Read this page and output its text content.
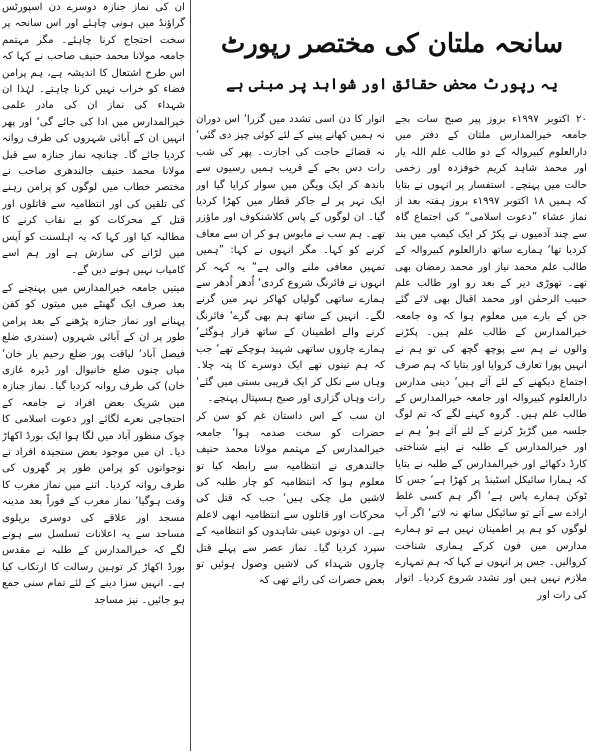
سانحہ ملتان کی مختصر رپورٹ
یہ رپورٹ محض حقائق اور شواہد پر مبنی ہے

۲۰ اکتوبر ۱۹۹۷ء بروز پیر صبح سات بجے جامعہ خیرالمدارس ملتان کے دفتر میں دارالعلوم کبیروالہ کے دو طالب علم اللہ یار اور محمد شاہد کریم خوفزدہ اور زخمی حالت میں پہنچے۔ استفسار پر انہوں نے بتایا کہ ہمیں ۱۸ اکتوبر ۱۹۹۷ء بروز ہفتہ بعد از نماز عشاء ”دعوت اسلامی“ کی اجتماع گاہ سے چند آدمیوں نے پکڑ کر ایک کیمپ میں بند کردیا تھا‘ ہمارے ساتھ دارالعلوم کبیروالہ کے طالب علم محمد نیاز اور محمد رمضان بھی تھے۔ تھوڑی دیر کے بعد رو اور طالب علم حبیب الرحمٰن اور محمد اقبال بھی لائے گئے جن کے بارے میں معلوم ہوا کہ وہ جامعہ خیرالمدارس کے طالب علم ہیں۔ پکڑنے والوں نے ہم سے پوچھ گچھ کی تو ہم نے انہیں پورا تعارف کروایا اور بتایا کہ ہم صرف اجتماع دیکھنے کے لئے آئے ہیں‘ دینی مدارس دارالعلوم کبیروالہ اور جامعہ خیرالمدارس کے طالب علم ہیں۔ گروہ کہنے لگے کہ تم لوگ جلسہ میں گڑبڑ کرنے کے لئے آئے ہو‘ ہم نے اور خیرالمدارس کے طلبہ نے اپنے شناختی کارڈ دکھائے اور خیرالمدارس کے طلبہ نے بتایا کہ ہمارا سائیکل اسٹینڈ پر کھڑا ہے‘ جس کا ٹوکن ہمارے پاس ہے‘ اگر ہم کسی غلط ارادے سے آتے تو سائیکل ساتھ نہ لاتے‘ اگر آپ لوگوں کو ہم پر اطمینان نہیں ہے تو ہمارے مدارس میں فون کرکے ہماری شناخت کروالیں۔ جس پر انہوں نے کہا کہ ہم تمہارے ملازم نہیں ہیں اور تشدد شروع کردیا۔ اتوار کی رات اور

اتوار کا دن اسی تشدد میں گزرا‘ اس دوران نہ ہمیں کھانے پینے کے لئے کوئی چیز دی گئی‘ نہ قضائے حاجت کی اجازت۔ پھر کی شب رات دس بجے کے قریب ہمیں رسیوں سے باندھ کر ایک ویگن میں سوار کرایا گیا اور ایک نہر پر لے جاکر قطار میں کھڑا کردیا گیا۔ ان لوگوں کے پاس کلاشنکوف اور ماؤزر تھے۔ ہم سب نے مایوس ہو کر ان سے معاف کرنے کو کہا۔ مگر انہوں نے کہا: ”ہمیں تمہیں معافی ملنے والی ہے“ یہ کہہ کر انہوں نے فائرنگ شروع کردی‘ اُدھر اُدھر سے ہمارے ساتھی گولیاں کھاکر نہر میں گرنے لگے۔ انہیں کے ساتھ ہم بھی گرے‘ فائرنگ کرنے والے اطمینان کے ساتھ فرار ہوگئے‘ ہمارے چاروں ساتھی شہید ہوچکے تھے‘ جب کہ ہم تینوں تھے ایک دوسرے کا پتہ چلا۔ وہاں سے نکل کر ایک قریبی بستی میں گئے‘ رات وہاں گزاری اور صبح ہسپتال پہنچے۔

ان سب کے اس داستان غم کو سن کر حضرات کو سخت صدمہ ہوا‘ جامعہ خیرالمدارس کے مہتمم مولانا محمد حنیف جالندھری نے انتظامیہ سے رابطہ کیا تو معلوم ہوا کہ انتظامیہ کو چار طلبہ کی لاشیں مل چکی ہیں‘ جب کہ قتل کی محرکات اور قاتلوں سے انتظامیہ ابھی لاعلم ہے۔ ان دونوں عینی شاہدوں کو انتظامیہ کے سپرد کردیا گیا۔ نماز عصر سے پہلے قتل چاروں شہداء کی لاشیں وصول ہوئیں تو بعض حضرات کی رائے تھی کہ

ان کی نماز جنازہ دوسرے دن اسپورٹس گراؤنڈ میں ہونی چاہئے اور اس سانحہ پر سخت احتجاج کرنا چاہئے۔ مگر مہتمم جامعہ مولانا محمد حنیف صاحب نے کہا کہ اس طرح اشتعال کا اندیشہ ہے، ہم پرامن فضاء کو خراب نہیں کرنا چاہتے۔ لہٰذا ان شہداء کی نماز ان کی مادر علمی خیرالمدارس میں ادا کی جائے گی‘ اور پھر انہیں ان کے آبائی شہروں کی طرف روانہ کردیا جائے گا۔ چنانچہ نماز جنازہ سے قبل مولانا محمد حنیف جالندھری صاحب نے مختصر خطاب میں لوگوں کو پرامن رہنے کی تلقین کی اور انتظامیہ سے قاتلوں اور قتل کے محرکات کو بے نقاب کرنے کا مطالبہ کیا اور کہا کہ یہ اہلسنت کو آپس میں لڑانے کی سازش ہے اور ہم اسے کامیاب نہیں ہونے دیں گے۔

میتیں جامعہ خیرالمدارس میں پہنچنے کے بعد صرف ایک گھنٹے میں میتوں کو کفن پہنانے اور نماز جنازہ پڑھنے کے بعد پرامن طور پر ان کے آبائی شہروں (سندری ضلع فیصل آباد‘ لیاقت پور ضلع رحیم یار خان‘ میاں چنوں ضلع خانیوال اور ڈیرہ غازی خان) کی طرف روانہ کردیا گیا۔ نماز جنازہ میں شریک بعض افراد نے جامعہ کے احتجاجی نعرے لگائے اور دعوت اسلامی کا چوک منظور آباد میں لگا ہوا ایک بورڈ اکھاڑ دیا۔ ان میں موجود بعض سنجیدہ افراد نے نوجوانوں کو پرامن طور پر گھروں کی طرف روانہ کردیا۔ اتنے میں نماز مغرب کا وقت ہوگیا‘ نماز مغرب کے فوراً بعد مدینہ مسجد اور علاقے کی دوسری بریلوی مساجد سے یہ اعلانات تسلسل سے ہونے لگے کہ خیرالمدارس کے طلبہ نے مقدس بورڈ اکھاڑ کر توہین رسالت کا ارتکاب کیا ہے۔ انہیں سزا دینے کے لئے تمام سنی جمع ہو جائیں۔ نیز مساجد
